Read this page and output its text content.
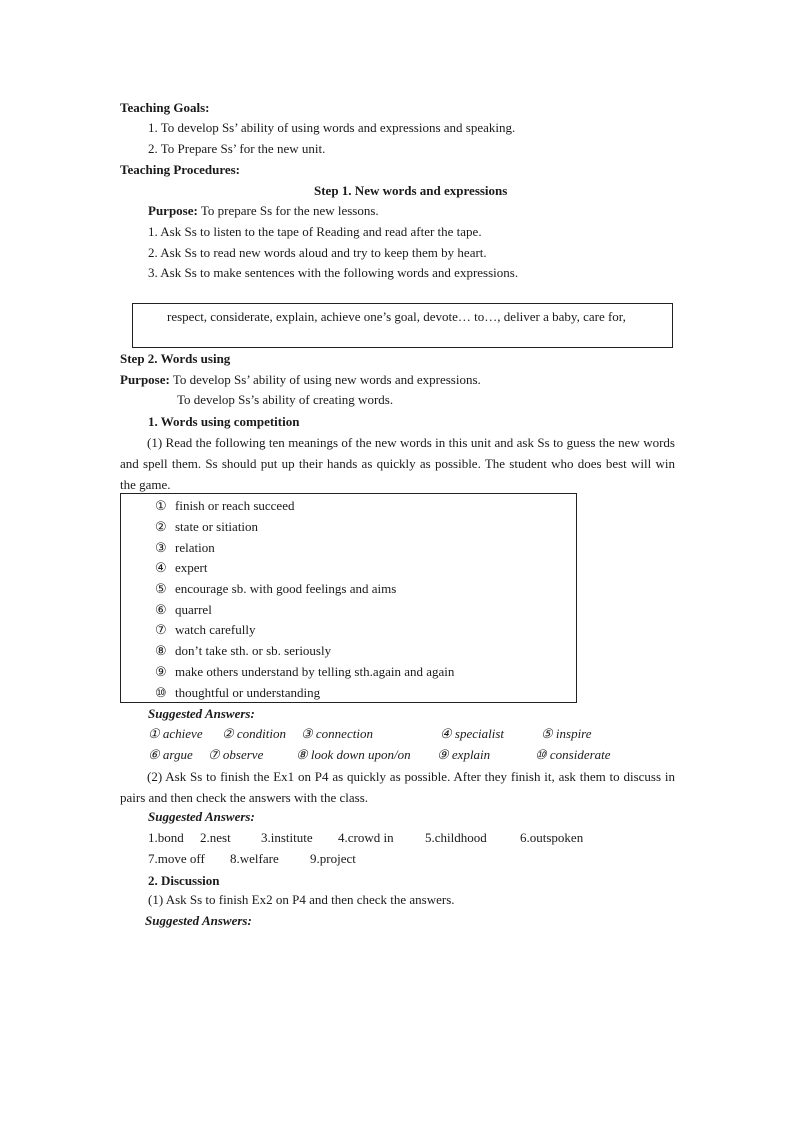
Teaching Goals:
1. To develop Ss’ ability of using words and expressions and speaking.
2. To Prepare Ss’ for the new unit.
Teaching Procedures:
Step 1. New words and expressions
Purpose: To prepare Ss for the new lessons.
1. Ask Ss to listen to the tape of Reading and read after the tape.
2. Ask Ss to read new words aloud and try to keep them by heart.
3. Ask Ss to make sentences with the following words and expressions.
respect, considerate, explain, achieve one’s goal, devote… to…, deliver a baby, care for,
Step 2. Words using
Purpose: To develop Ss’ ability of using new words and expressions.
To develop Ss’s ability of creating words.
1. Words using competition
(1) Read the following ten meanings of the new words in this unit and ask Ss to guess the new words and spell them. Ss should put up their hands as quickly as possible. The student who does best will win the game.
① finish or reach succeed
② state or sitiation
③ relation
④ expert
⑤ encourage sb. with good feelings and aims
⑥ quarrel
⑦ watch carefully
⑧ don’t take sth. or sb. seriously
⑨ make others understand by telling sth.again and again
⑩ thoughtful or understanding
Suggested Answers:
① achieve ② condition ③ connection	④ specialist	⑤ inspire
⑥ argue ⑦ observe	⑧ look down upon/on ⑨ explain	⑩ considerate
(2) Ask Ss to finish the Ex1 on P4 as quickly as possible. After they finish it, ask them to discuss in pairs and then check the answers with the class.
Suggested Answers:
1.bond 2.nest 3.institute 4.crowd in 5.childhood	6.outspoken
7.move off 8.welfare 9.project
2. Discussion
(1) Ask Ss to finish Ex2 on P4 and then check the answers.
Suggested Answers:
